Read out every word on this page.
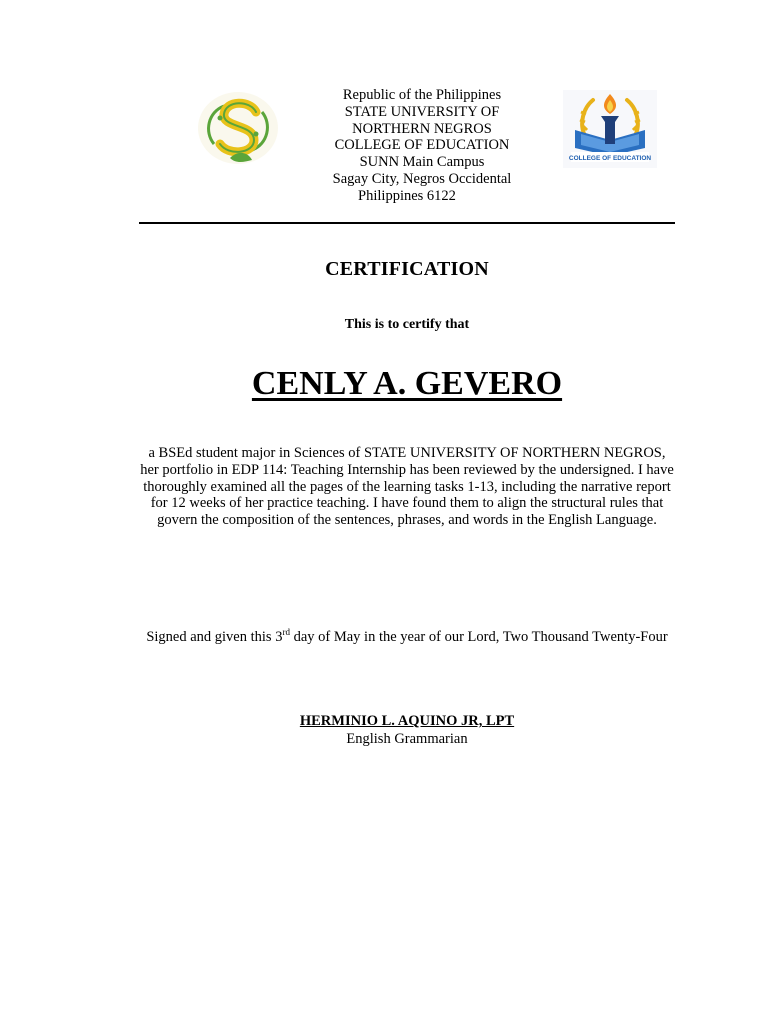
Republic of the Philippines
STATE UNIVERSITY OF
NORTHERN NEGROS
COLLEGE OF EDUCATION
SUNN Main Campus
Sagay City, Negros Occidental
Philippines 6122
COLLEGE OF EDUCATION
CERTIFICATION
This is to certify that
CENLY A. GEVERO
a BSEd student major in Sciences of STATE UNIVERSITY OF NORTHERN NEGROS, her portfolio in EDP 114: Teaching Internship has been reviewed by the undersigned. I have thoroughly examined all the pages of the learning tasks 1-13, including the narrative report for 12 weeks of her practice teaching. I have found them to align the structural rules that govern the composition of the sentences, phrases, and words in the English Language.
Signed and given this 3rd day of May in the year of our Lord, Two Thousand Twenty-Four
HERMINIO L. AQUINO JR, LPT
English Grammarian
